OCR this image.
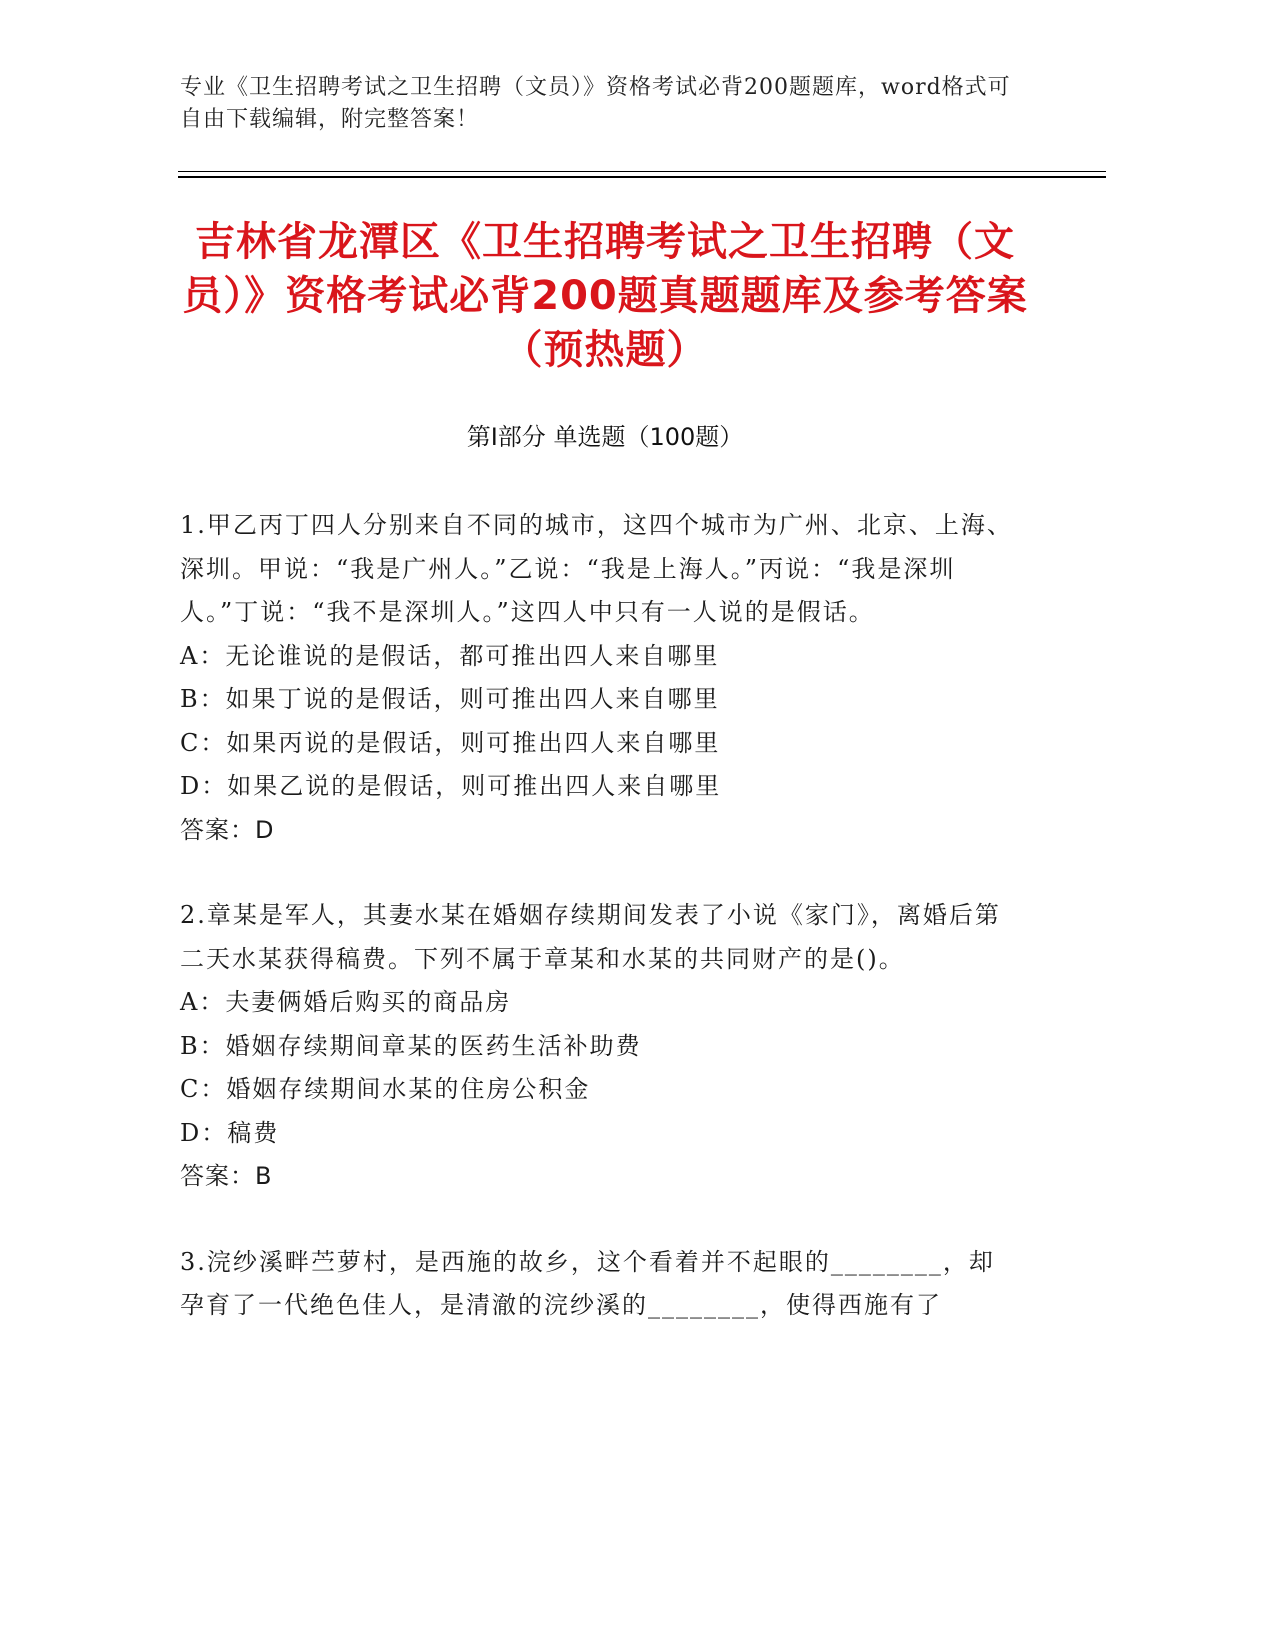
专业《卫生招聘考试之卫生招聘（文员）》资格考试必背200题题库，word格式可自由下载编辑，附完整答案！
吉林省龙潭区《卫生招聘考试之卫生招聘（文员）》资格考试必背200题真题题库及参考答案（预热题）
第I部分 单选题（100题）

1.甲乙丙丁四人分别来自不同的城市，这四个城市为广州、北京、上海、深圳。甲说：“我是广州人。”乙说：“我是上海人。”丙说：“我是深圳人。”丁说：“我不是深圳人。”这四人中只有一人说的是假话。

A：无论谁说的是假话，都可推出四人来自哪里

B：如果丁说的是假话，则可推出四人来自哪里

C：如果丙说的是假话，则可推出四人来自哪里

D：如果乙说的是假话，则可推出四人来自哪里

答案：D

2.章某是军人，其妻水某在婚姻存续期间发表了小说《家门》，离婚后第二天水某获得稿费。下列不属于章某和水某的共同财产的是()。

A：夫妻俩婚后购买的商品房

B：婚姻存续期间章某的医药生活补助费

C：婚姻存续期间水某的住房公积金

D：稿费

答案：B

3.浣纱溪畔苎萝村，是西施的故乡，这个看着并不起眼的________，却孕育了一代绝色佳人，是清澈的浣纱溪的________，使得西施有了
